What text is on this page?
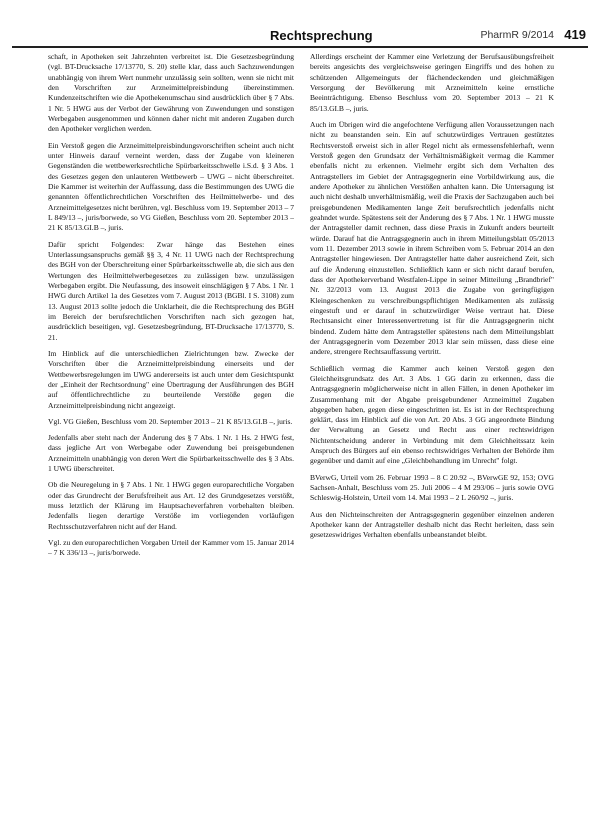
Rechtsprechung	PharmR 9/2014 419

schaft, in Apotheken seit Jahrzehnten verbreitet ist. Die Gesetzesbegründung (vgl. BT-Drucksache 17/13770, S. 20) stelle klar, dass auch Sachzuwendungen unabhängig von ihrem Wert nunmehr unzulässig sein sollten, wenn sie nicht mit den Vorschriften zur Arzneimittelpreisbindung übereinstimmen. Kundenzeitschriften wie die Apothekenumschau sind ausdrücklich über § 7 Abs. 1 Nr. 5 HWG aus der Verbot der Gewährung von Zuwendungen und sonstigen Werbegaben ausgenommen und können daher nicht mit anderen Zugaben durch den Apotheker verglichen werden.

Ein Verstoß gegen die Arzneimittelpreisbindungsvorschriften scheint auch nicht unter Hinweis darauf verneint werden, dass der Zugabe von kleineren Gegenständen die wettbewerksrechtliche Spürbarkeitsschwelle i.S.d. § 3 Abs. 1 des Gesetzes gegen den unlauteren Wettbewerb – UWG – nicht überschreitet. Die Kammer ist weiterhin der Auffassung, dass die Bestimmungen des UWG die genannten öffentlichrechtlichen Vorschriften des Heilmittelwerbe- und des Arzneimittelgesetzes nicht berühren, vgl. Beschluss vom 19. September 2013 – 7 L 849/13 –, juris/borwede, so VG Gießen, Beschluss vom 20. September 2013 – 21 K 85/13.GI.B –, juris.

Dafür spricht Folgendes: Zwar hänge das Bestehen eines Unterlassungsanspruchs gemäß §§ 3, 4 Nr. 11 UWG nach der Rechtsprechung des BGH von der Überschreitung einer Spürbarkeitsschwelle ab, die sich aus den Wertungen des Heilmittelwerbegesetzes zu zulässigen bzw. unzulässigen Werbegaben ergibt. Die Neufassung, des insoweit einschlägigen § 7 Abs. 1 Nr. 1 HWG durch Artikel 1a des Gesetzes vom 7. August 2013 (BGBl. I S. 3108) zum 13. August 2013 sollte jedoch die Unklarheit, die die Rechtsprechung des BGH im Bereich der berufsrechtlichen Vorschriften nach sich gezogen hat, ausdrücklich beseitigen, vgl. Gesetzesbegründung, BT-Drucksache 17/13770, S. 21.

Im Hinblick auf die unterschiedlichen Zielrichtungen bzw. Zwecke der Vorschriften über die Arzneimittelpreisbindung einerseits und der Wettbewerbsregelungen im UWG andererseits ist auch unter dem Gesichtspunkt der „Einheit der Rechtsordnung" eine Übertragung der Ausführungen des BGH auf öffentlichrechtliche zu beurteilende Verstöße gegen die Arzneimittelpreisbindung nicht angezeigt.

Vgl. VG Gießen, Beschluss vom 20. September 2013 – 21 K 85/13.GI.B –, juris.

Jedenfalls aber steht nach der Änderung des § 7 Abs. 1 Nr. 1 Hs. 2 HWG fest, dass jegliche Art von Werbegabe oder Zuwendung bei preisgebundenen Arzneimitteln unabhängig von deren Wert die Spürbarkeitsschwelle des § 3 Abs. 1 UWG überschreitet.

Ob die Neuregelung in § 7 Abs. 1 Nr. 1 HWG gegen europarechtliche Vorgaben oder das Grundrecht der Berufsfreiheit aus Art. 12 des Grundgesetzes verstößt, muss letztlich der Klärung im Hauptsacheverfahren vorbehalten bleiben. Jedenfalls liegen derartige Verstöße im vorliegenden vorläufigen Rechtsschutzverfahren nicht auf der Hand.

Vgl. zu den europarechtlichen Vorgaben Urteil der Kammer vom 15. Januar 2014 – 7 K 336/13 –, juris/borwede.

Allerdings erscheint der Kammer eine Verletzung der Berufsausübungsfreiheit bereits angesichts des vergleichsweise geringen Eingriffs und des hohen zu schützenden Allgemeinguts der flächendeckenden und gleichmäßigen Versorgung der Bevölkerung mit Arzneimitteln keine ernstliche Beeinträchtigung. Ebenso Beschluss vom 20. September 2013 – 21 K 85/13.GI.B –, juris.

Auch im Übrigen wird die angefochtene Verfügung allen Voraussetzungen nach nicht zu beanstanden sein. Ein auf schutzwürdiges Vertrauen gestütztes Rechtsverstoß erweist sich in aller Regel nicht als ermessensfehlerhaft, wenn Verstoß gegen den Grundsatz der Verhältnismäßigkeit vermag die Kammer ebenfalls nicht zu erkennen. Vielmehr ergibt sich dem Verhalten des Antragstellers im Gebiet der Antragsgegnerin eine Vorbildwirkung aus, die andere Apotheker zu ähnlichen Verstößen anhalten kann. Die Untersagung ist auch nicht deshalb unverhältnismäßig, weil die Praxis der Sachzugaben auch bei preisgebundenen Medikamenten lange Zeit berufsrechtlich jedenfalls nicht geahndet wurde. Spätestens seit der Änderung des § 7 Abs. 1 Nr. 1 HWG musste der Antragsteller damit rechnen, dass diese Praxis in Zukunft anders beurteilt würde. Darauf hat die Antragsgegnerin auch in ihrem Mitteilungsblatt 05/2013 vom 11. Dezember 2013 sowie in ihrem Schreiben vom 5. Februar 2014 an den Antragsteller hingewiesen. Der Antragsteller hatte daher ausreichend Zeit, sich auf die Änderung einzustellen. Schließlich kann er sich nicht darauf berufen, dass der Apothekerverband Westfalen-Lippe in seiner Mitteilung „Brandbrief" Nr. 32/2013 vom 13. August 2013 die Zugabe von geringfügigen Kleingeschenken zu verschreibungspflichtigen Medikamenten als zulässig eingestuft und er darauf in schutzwürdiger Weise vertraut hat. Diese Rechtsansicht einer Interessenvertretung ist für die Antragsgegnerin nicht bindend. Zudem hätte dem Antragsteller spätestens nach dem Mitteilungsblatt der Antragsgegnerin vom Dezember 2013 klar sein müssen, dass diese eine andere, strengere Rechtsauffassung vertritt.

Schließlich vermag die Kammer auch keinen Verstoß gegen den Gleichheitsgrundsatz des Art. 3 Abs. 1 GG darin zu erkennen, dass die Antragsgegnerin möglicherweise nicht in allen Fällen, in denen Apotheker im Zusammenhang mit der Abgabe preisgebundener Arzneimittel Zugaben abgegeben haben, gegen diese eingeschritten ist. Es ist in der Rechtsprechung geklärt, dass im Hinblick auf die von Art. 20 Abs. 3 GG angeordnete Bindung der Verwaltung an Gesetz und Recht aus einer rechtswidrigen Nichtentscheidung anderer in Verbindung mit dem Gleichheitssatz kein Anspruch des Bürgers auf ein ebenso rechtswidriges Verhalten der Behörde ihm gegenüber und damit auf eine „Gleichbehandlung im Unrecht" folgt.

BVerwG, Urteil vom 26. Februar 1993 – 8 C 20.92 –, BVerwGE 92, 153; OVG Sachsen-Anhalt, Beschluss vom 25. Juli 2006 – 4 M 293/06 – juris sowie OVG Schleswig-Holstein, Urteil vom 14. Mai 1993 – 2 L 260/92 –, juris.

Aus den Nichteinschreiten der Antragsgegnerin gegenüber einzelnen anderen Apotheker kann der Antragsteller deshalb nicht das Recht herleiten, dass sein gesetzeswidriges Verhalten ebenfalls unbeanstandet bleibt.
